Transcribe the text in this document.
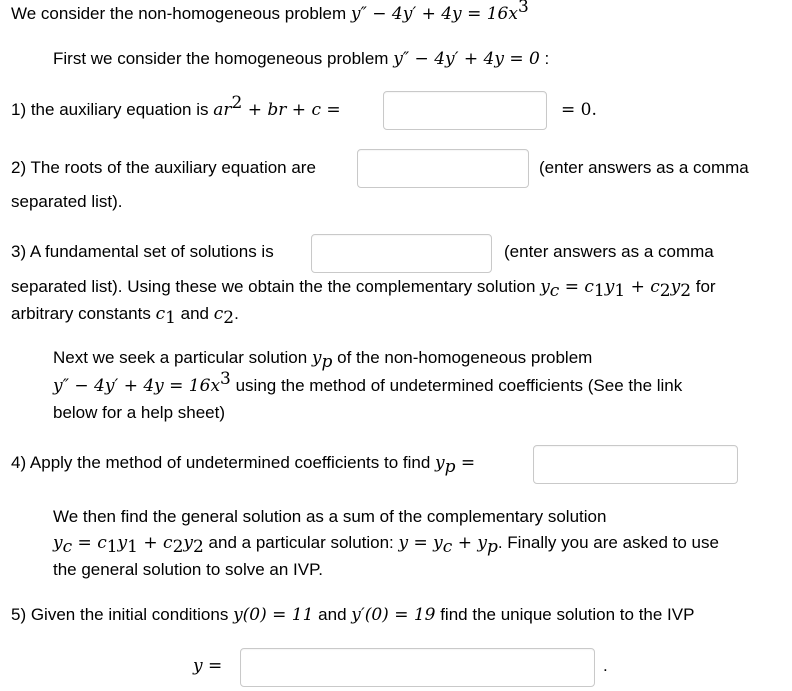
We consider the non-homogeneous problem $y'' - 4y' + 4y = 16x^3$
First we consider the homogeneous problem y″ − 4y′ + 4y = 0 :
1) the auxiliary equation is $ar^2$ + br + c =	= 0.
2) The roots of the auxiliary equation are	(enter answers as a comma
separated list).
3) A fundamental set of solutions is	(enter answers as a comma
separated list). Using these we obtain the the complementary solution $y_c = c_1y_1 + c_2y_2$ for
arbitrary constants $c_1$ and $c_2$.
Next we seek a particular solution $y_p$ of the non-homogeneous problem
$y'' - 4y' + 4y = 16x^3$ using the method of undetermined coefficients (See the link
below for a help sheet)
4) Apply the method of undetermined coefficients to find $y_p$ =
We then find the general solution as a sum of the complementary solution
$y_c = c_1y_1 + c_2y_2$ and a particular solution: $y = y_c + y_p$. Finally you are asked to use
the general solution to solve an IVP.
5) Given the initial conditions y(0) = 11 and y′(0) = 19 find the unique solution to the IVP
y =	.
